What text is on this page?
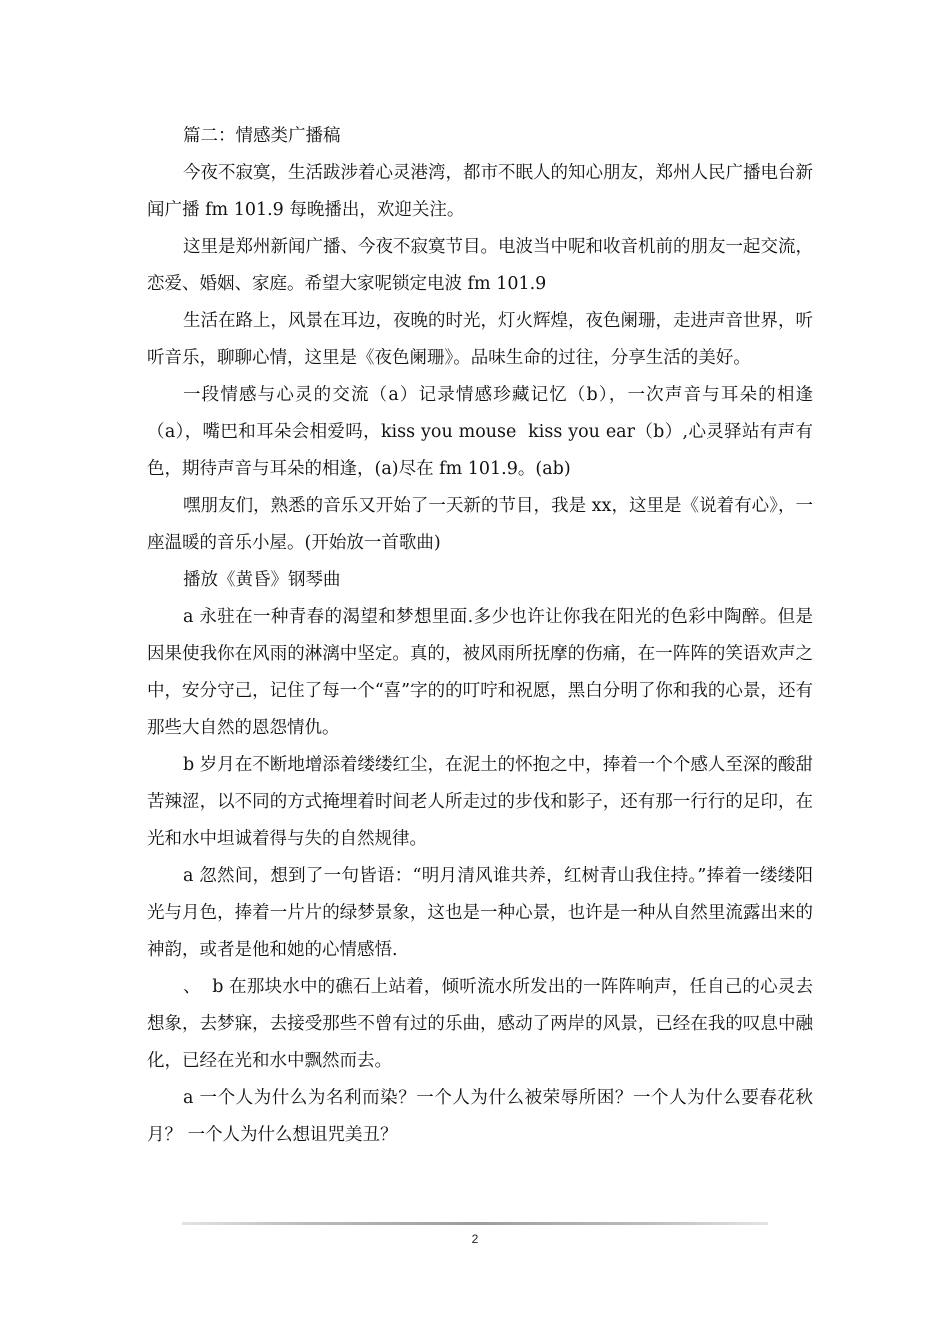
篇二：情感类广播稿

今夜不寂寞，生活跋涉着心灵港湾，都市不眠人的知心朋友，郑州人民广播电台新闻广播 fm 101.9 每晚播出，欢迎关注。

这里是郑州新闻广播、今夜不寂寞节目。电波当中呢和收音机前的朋友一起交流，恋爱、婚姻、家庭。希望大家呢锁定电波 fm 101.9

生活在路上，风景在耳边，夜晚的时光，灯火辉煌，夜色阑珊，走进声音世界，听听音乐，聊聊心情，这里是《夜色阑珊》。品味生命的过往，分享生活的美好。

一段情感与心灵的交流（a）记录情感珍藏记忆（b），一次声音与耳朵的相逢（a），嘴巴和耳朵会相爱吗，kiss you mouse  kiss you ear（b）,心灵驿站有声有色，期待声音与耳朵的相逢，(a)尽在 fm 101.9。(ab)

嘿朋友们，熟悉的音乐又开始了一天新的节目，我是 xx，这里是《说着有心》，一座温暖的音乐小屋。(开始放一首歌曲)

播放《黄昏》钢琴曲

a 永驻在一种青春的渴望和梦想里面.多少也许让你我在阳光的色彩中陶醉。但是因果使我你在风雨的淋漓中坚定。真的，被风雨所抚摩的伤痛，在一阵阵的笑语欢声之中，安分守己，记住了每一个“喜”字的的叮咛和祝愿，黑白分明了你和我的心景，还有那些大自然的恩怨情仇。

b 岁月在不断地增添着缕缕红尘，在泥土的怀抱之中，捧着一个个感人至深的酸甜苦辣涩，以不同的方式掩埋着时间老人所走过的步伐和影子，还有那一行行的足印，在光和水中坦诚着得与失的自然规律。

a 忽然间，想到了一句皆语：“明月清风谁共养，红树青山我住持。”捧着一缕缕阳光与月色，捧着一片片的绿梦景象，这也是一种心景，也许是一种从自然里流露出来的神韵，或者是他和她的心情感悟.

、  b 在那块水中的礁石上站着，倾听流水所发出的一阵阵响声，任自己的心灵去想象，去梦寐，去接受那些不曾有过的乐曲，感动了两岸的风景，已经在我的叹息中融化，已经在光和水中飘然而去。

a 一个人为什么为名利而染？一个人为什么被荣辱所困？一个人为什么要春花秋月？ 一个人为什么想诅咒美丑？

2
